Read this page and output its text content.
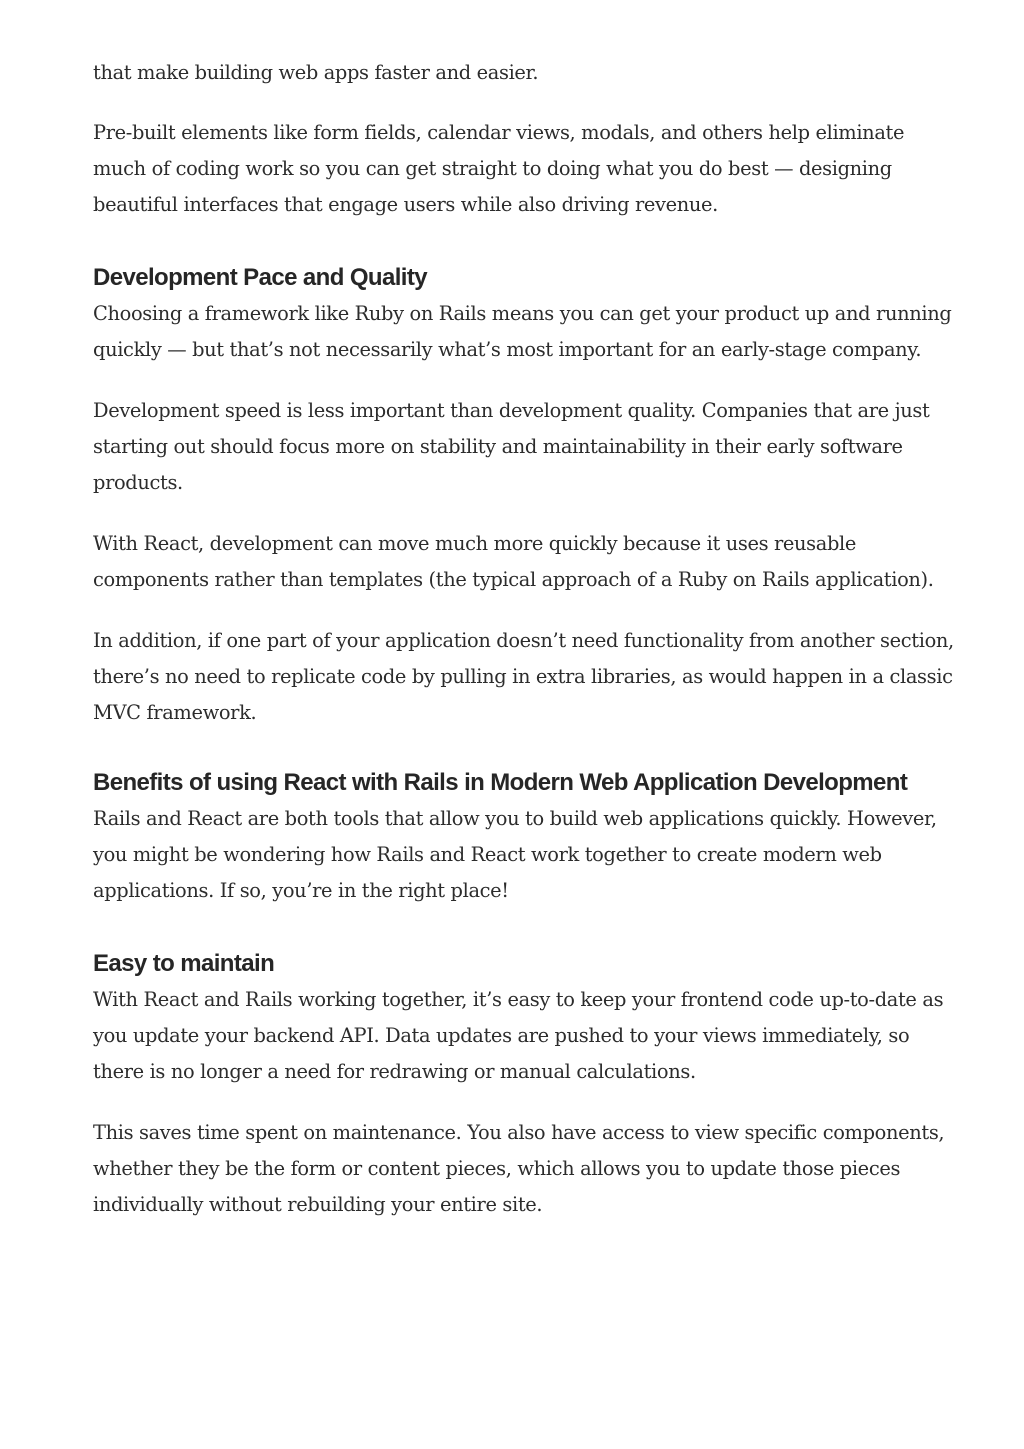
that make building web apps faster and easier.

Pre-built elements like form fields, calendar views, modals, and others help eliminate much of coding work so you can get straight to doing what you do best — designing beautiful interfaces that engage users while also driving revenue.

Development Pace and Quality

Choosing a framework like Ruby on Rails means you can get your product up and running quickly — but that’s not necessarily what’s most important for an early-stage company.

Development speed is less important than development quality. Companies that are just starting out should focus more on stability and maintainability in their early software products.

With React, development can move much more quickly because it uses reusable components rather than templates (the typical approach of a Ruby on Rails application).

In addition, if one part of your application doesn’t need functionality from another section, there’s no need to replicate code by pulling in extra libraries, as would happen in a classic MVC framework.

Benefits of using React with Rails in Modern Web Application Development

Rails and React are both tools that allow you to build web applications quickly. However, you might be wondering how Rails and React work together to create modern web applications. If so, you’re in the right place!

Easy to maintain

With React and Rails working together, it’s easy to keep your frontend code up-to-date as you update your backend API. Data updates are pushed to your views immediately, so there is no longer a need for redrawing or manual calculations.

This saves time spent on maintenance. You also have access to view specific components, whether they be the form or content pieces, which allows you to update those pieces individually without rebuilding your entire site.
